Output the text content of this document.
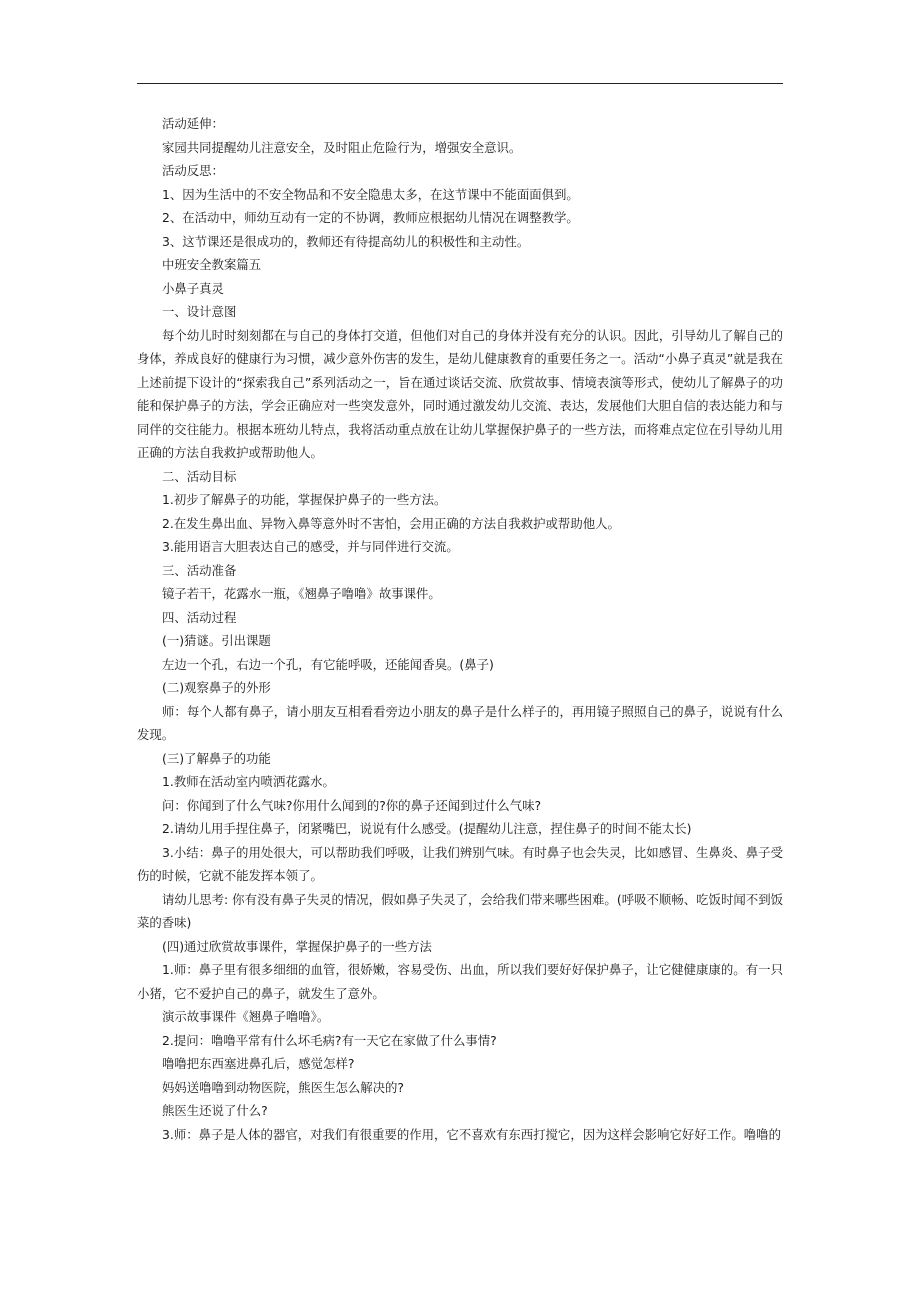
活动延伸：

家园共同提醒幼儿注意安全，及时阻止危险行为，增强安全意识。

活动反思：

1、因为生活中的不安全物品和不安全隐患太多，在这节课中不能面面俱到。

2、在活动中，师幼互动有一定的不协调，教师应根据幼儿情况在调整教学。

3、这节课还是很成功的，教师还有待提高幼儿的积极性和主动性。

中班安全教案篇五

小鼻子真灵

一、设计意图

每个幼儿时时刻刻都在与自己的身体打交道，但他们对自己的身体并没有充分的认识。因此，引导幼儿了解自己的身体，养成良好的健康行为习惯，减少意外伤害的发生，是幼儿健康教育的重要任务之一。活动“小鼻子真灵”就是我在上述前提下设计的“探索我自己”系列活动之一，旨在通过谈话交流、欣赏故事、情境表演等形式，使幼儿了解鼻子的功能和保护鼻子的方法，学会正确应对一些突发意外，同时通过激发幼儿交流、表达，发展他们大胆自信的表达能力和与同伴的交往能力。根据本班幼儿特点，我将活动重点放在让幼儿掌握保护鼻子的一些方法，而将难点定位在引导幼儿用正确的方法自我救护或帮助他人。

二、活动目标

1.初步了解鼻子的功能，掌握保护鼻子的一些方法。

2.在发生鼻出血、异物入鼻等意外时不害怕，会用正确的方法自我救护或帮助他人。

3.能用语言大胆表达自己的感受，并与同伴进行交流。

三、活动准备

镜子若干，花露水一瓶，《翘鼻子噜噜》故事课件。

四、活动过程

(一)猜谜。引出课题

左边一个孔，右边一个孔，有它能呼吸，还能闻香臭。(鼻子)

(二)观察鼻子的外形

师：每个人都有鼻子，请小朋友互相看看旁边小朋友的鼻子是什么样子的，再用镜子照照自己的鼻子，说说有什么发现。

(三)了解鼻子的功能

1.教师在活动室内喷洒花露水。

问：你闻到了什么气味?你用什么闻到的?你的鼻子还闻到过什么气味?

2.请幼儿用手捏住鼻子，闭紧嘴巴，说说有什么感受。(提醒幼儿注意，捏住鼻子的时间不能太长)

3.小结：鼻子的用处很大，可以帮助我们呼吸，让我们辨别气味。有时鼻子也会失灵，比如感冒、生鼻炎、鼻子受伤的时候，它就不能发挥本领了。

请幼儿思考: 你有没有鼻子失灵的情况，假如鼻子失灵了，会给我们带来哪些困难。(呼吸不顺畅、吃饭时闻不到饭菜的香味)

(四)通过欣赏故事课件，掌握保护鼻子的一些方法

1.师：鼻子里有很多细细的血管，很娇嫩，容易受伤、出血，所以我们要好好保护鼻子，让它健健康康的。有一只小猪，它不爱护自己的鼻子，就发生了意外。

演示故事课件《翘鼻子噜噜》。

2.提问：噜噜平常有什么坏毛病?有一天它在家做了什么事情?

噜噜把东西塞进鼻孔后，感觉怎样?

妈妈送噜噜到动物医院，熊医生怎么解决的?

熊医生还说了什么?

3.师：鼻子是人体的器官，对我们有很重要的作用，它不喜欢有东西打搅它，因为这样会影响它好好工作。噜噜的
